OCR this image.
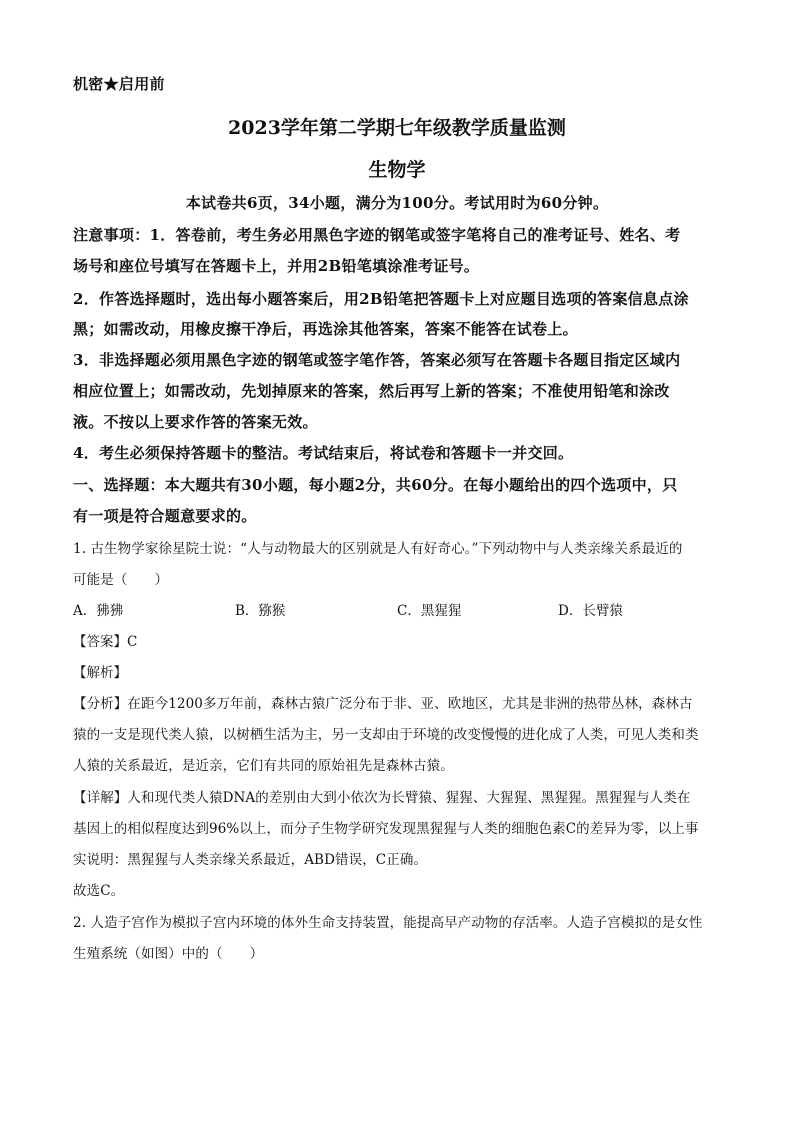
机密★启用前
2023学年第二学期七年级教学质量监测
生物学
本试卷共6页，34小题，满分为100分。考试用时为60分钟。
注意事项：1．答卷前，考生务必用黑色字迹的钢笔或签字笔将自己的准考证号、姓名、考
场号和座位号填写在答题卡上，并用2B铅笔填涂准考证号。
2．作答选择题时，选出每小题答案后，用2B铅笔把答题卡上对应题目选项的答案信息点涂
黑；如需改动，用橡皮擦干净后，再选涂其他答案，答案不能答在试卷上。
3．非选择题必须用黑色字迹的钢笔或签字笔作答，答案必须写在答题卡各题目指定区域内
相应位置上；如需改动，先划掉原来的答案，然后再写上新的答案；不准使用铅笔和涂改
液。不按以上要求作答的答案无效。
4．考生必须保持答题卡的整洁。考试结束后，将试卷和答题卡一并交回。
一、选择题：本大题共有30小题，每小题2分，共60分。在每小题给出的四个选项中，只
有一项是符合题意要求的。
1. 古生物学家徐星院士说：“人与动物最大的区别就是人有好奇心。”下列动物中与人类亲缘关系最近的
可能是（　　）
A．狒狒	B．猕猴	C．黑猩猩	D．长臂猿
【答案】C
【解析】
【分析】在距今1200多万年前，森林古猿广泛分布于非、亚、欧地区，尤其是非洲的热带丛林，森林古
猿的一支是现代类人猿，以树栖生活为主，另一支却由于环境的改变慢慢的进化成了人类，可见人类和类
人猿的关系最近，是近亲，它们有共同的原始祖先是森林古猿。
【详解】人和现代类人猿DNA的差别由大到小依次为长臂猿、猩猩、大猩猩、黑猩猩。黑猩猩与人类在
基因上的相似程度达到96%以上，而分子生物学研究发现黑猩猩与人类的细胞色素C的差异为零，以上事
实说明：黑猩猩与人类亲缘关系最近，ABD错误，C正确。
故选C。
2. 人造子宫作为模拟子宫内环境的体外生命支持装置，能提高早产动物的存活率。人造子宫模拟的是女性
生殖系统（如图）中的（　　）
